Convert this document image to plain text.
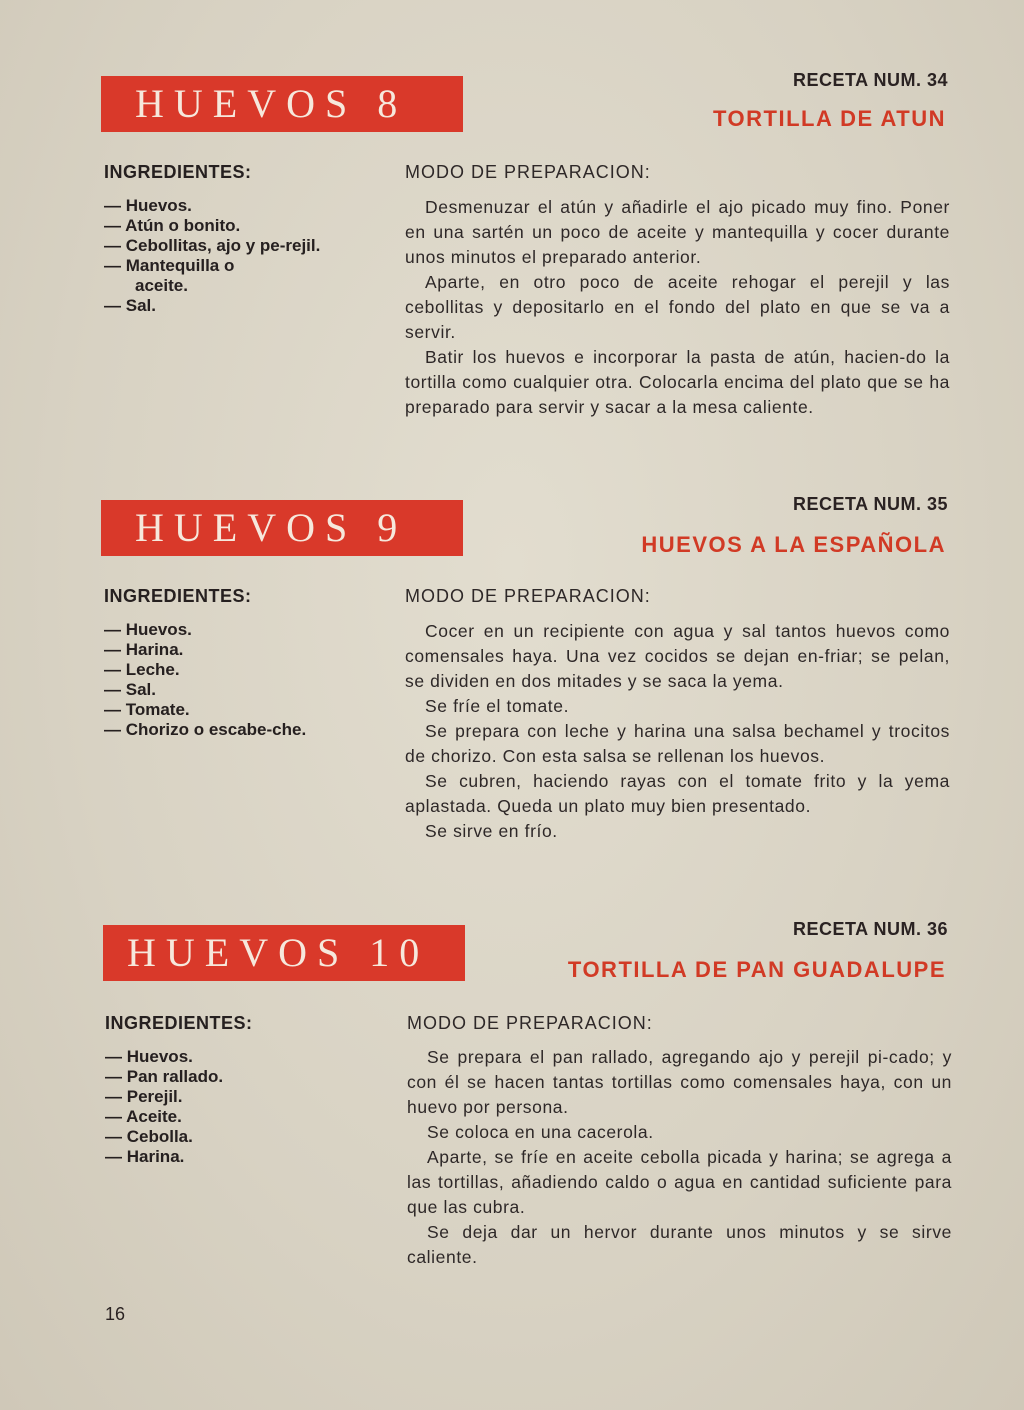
HUEVOS 8
RECETA NUM. 34
TORTILLA DE ATUN
INGREDIENTES:
— Huevos.
— Atún o bonito.
— Cebollitas, ajo y pe-rejil.
— Mantequilla o aceite.
— Sal.
MODO DE PREPARACION:

Desmenuzar el atún y añadirle el ajo picado muy fino. Poner en una sartén un poco de aceite y mantequilla y cocer durante unos minutos el preparado anterior.

Aparte, en otro poco de aceite rehogar el perejil y las cebollitas y depositarlo en el fondo del plato en que se va a servir.

Batir los huevos e incorporar la pasta de atún, hacien-do la tortilla como cualquier otra. Colocarla encima del plato que se ha preparado para servir y sacar a la mesa caliente.

HUEVOS 9
RECETA NUM. 35
HUEVOS A LA ESPAÑOLA
INGREDIENTES:
— Huevos.
— Harina.
— Leche.
— Sal.
— Tomate.
— Chorizo o escabe-che.
MODO DE PREPARACION:

Cocer en un recipiente con agua y sal tantos huevos como comensales haya. Una vez cocidos se dejan en-friar; se pelan, se dividen en dos mitades y se saca la yema.

Se fríe el tomate.

Se prepara con leche y harina una salsa bechamel y trocitos de chorizo. Con esta salsa se rellenan los huevos.

Se cubren, haciendo rayas con el tomate frito y la yema aplastada. Queda un plato muy bien presentado.

Se sirve en frío.

HUEVOS 10
RECETA NUM. 36
TORTILLA DE PAN GUADALUPE
INGREDIENTES:
— Huevos.
— Pan rallado.
— Perejil.
— Aceite.
— Cebolla.
— Harina.
MODO DE PREPARACION:

Se prepara el pan rallado, agregando ajo y perejil pi-cado; y con él se hacen tantas tortillas como comensales haya, con un huevo por persona.

Se coloca en una cacerola.

Aparte, se fríe en aceite cebolla picada y harina; se agrega a las tortillas, añadiendo caldo o agua en cantidad suficiente para que las cubra.

Se deja dar un hervor durante unos minutos y se sirve caliente.

16
